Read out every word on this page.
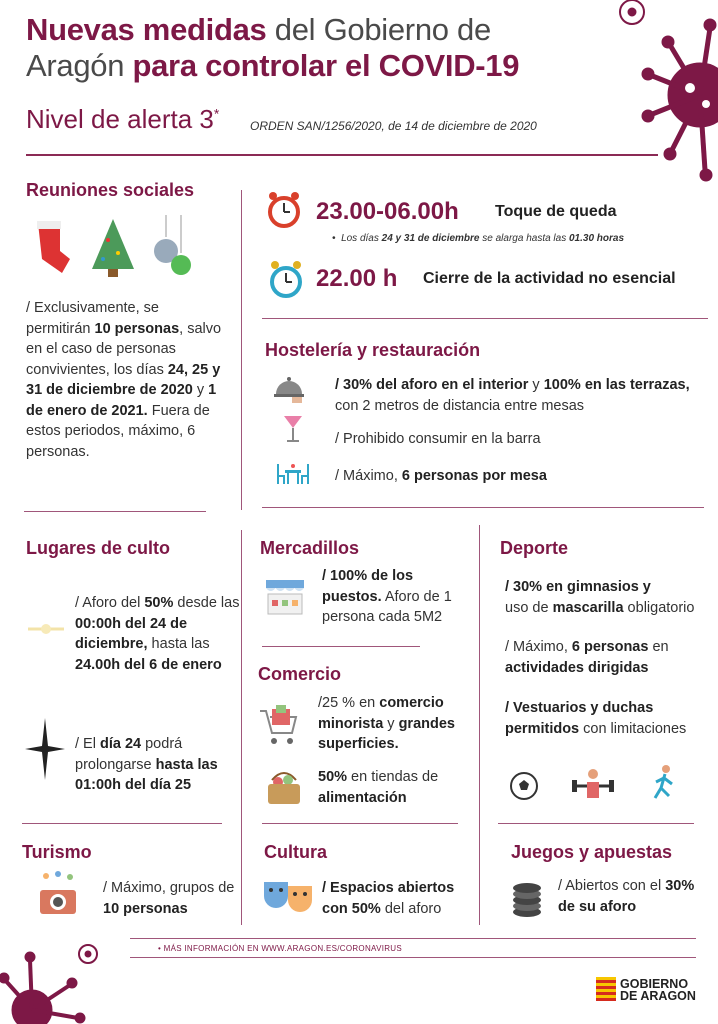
Nuevas medidas del Gobierno de
Aragón para controlar el COVID-19
Nivel de alerta 3*
ORDEN SAN/1256/2020, de 14 de diciembre de 2020
Reuniones sociales
/ Exclusivamente, se permitirán 10 personas, salvo en el caso de personas convivientes, los días 24, 25 y 31 de diciembre de 2020 y 1 de enero de 2021. Fuera de estos periodos, máximo, 6 personas.
23.00-06.00h Toque de queda
•  Los días 24 y 31 de diciembre se alarga hasta las 01.30 horas
22.00 h Cierre de la actividad no esencial
Hostelería y restauración
/ 30% del aforo en el interior y 100% en las terrazas,
con 2 metros de distancia entre mesas
/ Prohibido consumir en la barra
/ Máximo, 6 personas por mesa
Lugares de culto
/ Aforo del 50% desde las 00:00h del 24 de diciembre, hasta las 24.00h del 6 de enero
/ El día 24 podrá prolongarse hasta las 01:00h del día 25
Mercadillos
/ 100% de los puestos. Aforo de 1 persona cada 5M2
Comercio
/25 % en comercio minorista y grandes superficies.
50% en tiendas de alimentación
Deporte
/ 30% en gimnasios y
uso de mascarilla obligatorio
/ Máximo, 6 personas en actividades dirigidas
/ Vestuarios y duchas permitidos con limitaciones
Turismo
/ Máximo, grupos de 10 personas
Cultura
/ Espacios abiertos con 50% del aforo
Juegos y apuestas
/ Abiertos con el 30% de su aforo
• MÁS INFORMACIÓN EN WWW.ARAGON.ES/CORONAVIRUS
GOBIERNO
DE ARAGON
